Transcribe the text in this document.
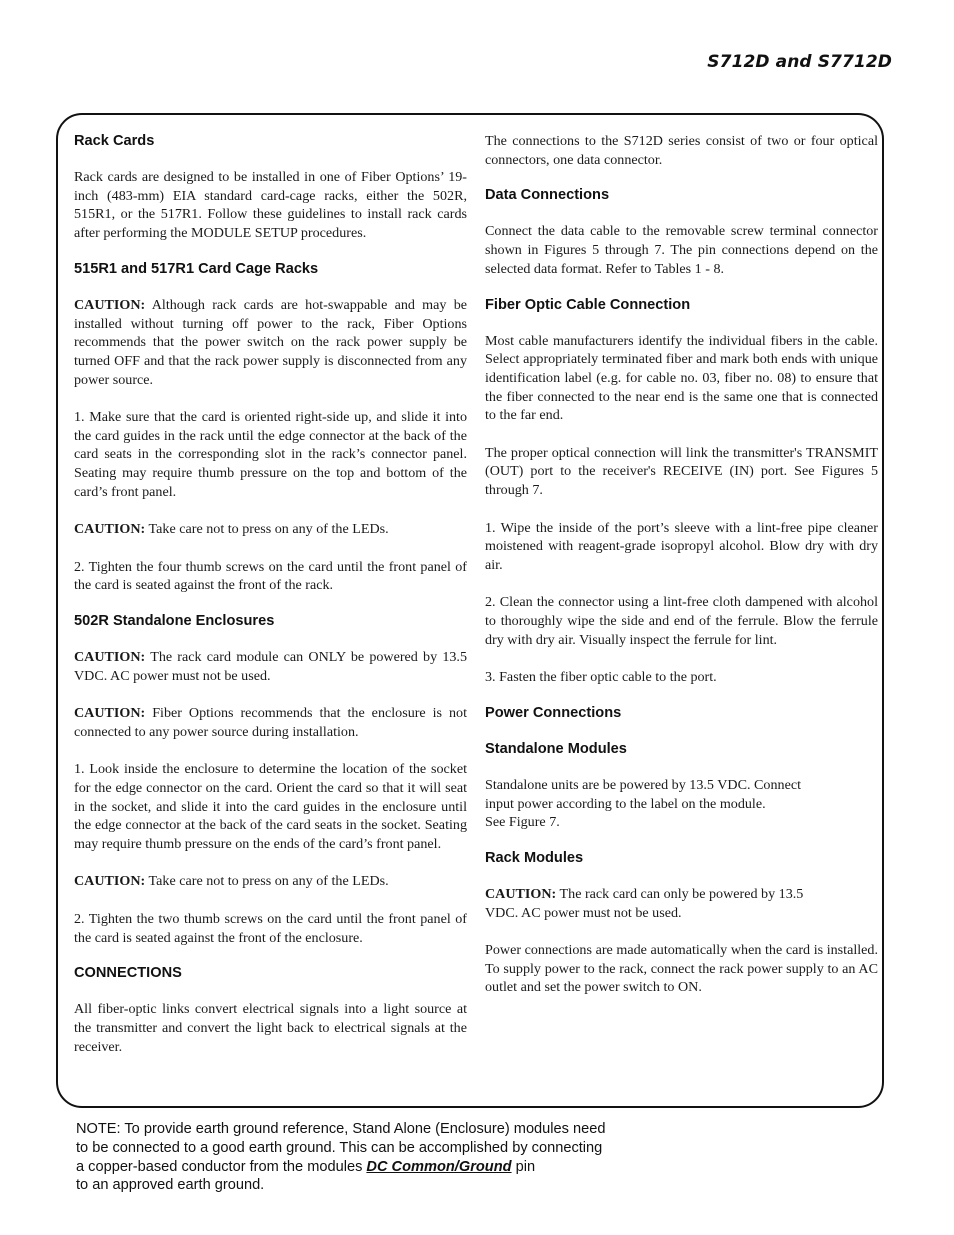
S712D and S7712D
Rack Cards

Rack cards are designed to be installed in one of Fiber Options’ 19-inch (483-mm) EIA standard card-cage racks, either the 502R, 515R1, or the 517R1. Follow these guidelines to install rack cards after performing the MODULE SETUP procedures.

515R1 and 517R1 Card Cage Racks

CAUTION: Although rack cards are hot-swappable and may be installed without turning off power to the rack, Fiber Options recommends that the power switch on the rack power supply be turned OFF and that the rack power supply is disconnected from any power source.

1. Make sure that the card is oriented right-side up, and slide it into the card guides in the rack until the edge connector at the back of the card seats in the corresponding slot in the rack’s connector panel. Seating may require thumb pressure on the top and bottom of the card’s front panel.

CAUTION: Take care not to press on any of the LEDs.

2. Tighten the four thumb screws on the card until the front panel of the card is seated against the front of the rack.

502R Standalone Enclosures

CAUTION: The rack card module can ONLY be powered by 13.5 VDC. AC power must not be used.

CAUTION: Fiber Options recommends that the enclosure is not connected to any power source during installation.

1. Look inside the enclosure to determine the location of the socket for the edge connector on the card. Orient the card so that it will seat in the socket, and slide it into the card guides in the enclosure until the edge connector at the back of the card seats in the socket. Seating may require thumb pressure on the ends of the card’s front panel.

CAUTION: Take care not to press on any of the LEDs.

2. Tighten the two thumb screws on the card until the front panel of the card is seated against the front of the enclosure.

CONNECTIONS

All fiber-optic links convert electrical signals into a light source at the transmitter and convert the light back to electrical signals at the receiver.

The connections to the S712D series consist of two or four optical connectors, one data connector.

Data Connections

Connect the data cable to the removable screw terminal connector shown in Figures 5 through 7. The pin connections depend on the selected data format. Refer to Tables 1 - 8.

Fiber Optic Cable Connection

Most cable manufacturers identify the individual fibers in the cable. Select appropriately terminated fiber and mark both ends with unique identification label (e.g. for cable no. 03, fiber no. 08) to ensure that the fiber connected to the near end is the same one that is connected to the far end.

The proper optical connection will link the transmitter's TRANSMIT (OUT) port to the receiver's RECEIVE (IN) port. See Figures 5 through 7.

1. Wipe the inside of the port’s sleeve with a lint-free pipe cleaner moistened with reagent-grade isopropyl alcohol. Blow dry with dry air.

2. Clean the connector using a lint-free cloth dampened with alcohol to thoroughly wipe the side and end of the ferrule. Blow the ferrule dry with dry air. Visually inspect the ferrule for lint.

3. Fasten the fiber optic cable to the port.

Power Connections
Standalone Modules

Standalone units are be powered by 13.5 VDC. Connect
input power according to the label on the module.
See Figure 7.

Rack Modules

CAUTION: The rack card can only be powered by 13.5
VDC. AC power must not be used.

Power connections are made automatically when the card is installed. To supply power to the rack, connect the rack power supply to an AC outlet and set the power switch to ON.

NOTE: To provide earth ground reference, Stand Alone (Enclosure) modules need
to be connected to a good earth ground. This can be accomplished by connecting
a copper-based conductor from the modules DC Common/Ground pin
to an approved earth ground.
